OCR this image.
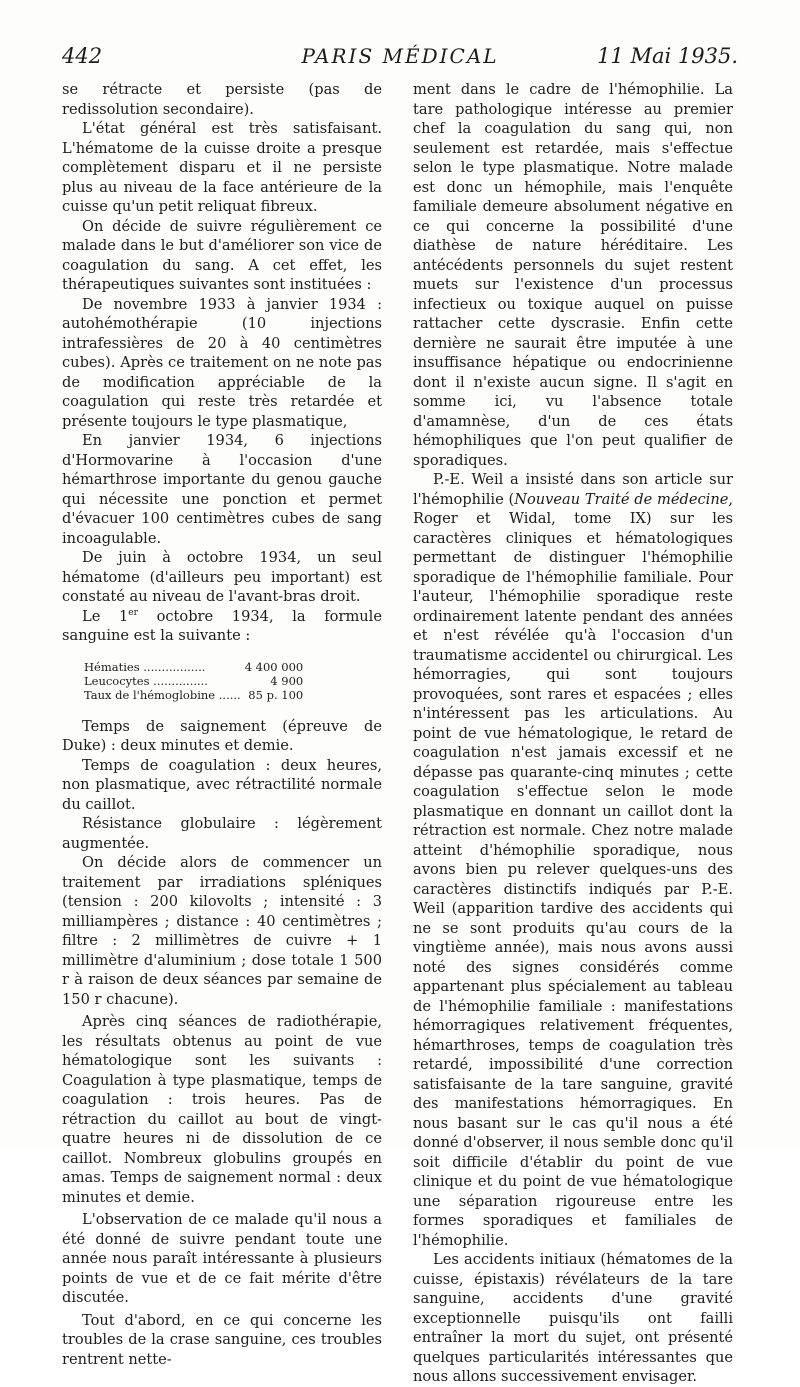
442	PARIS MÉDICAL	11 Mai 1935.

se rétracte et persiste (pas de redissolution secondaire).

L'état général est très satisfaisant. L'hématome de la cuisse droite a presque complètement disparu et il ne persiste plus au niveau de la face antérieure de la cuisse qu'un petit reliquat fibreux.

On décide de suivre régulièrement ce malade dans le but d'améliorer son vice de coagulation du sang. A cet effet, les thérapeutiques suivantes sont instituées :

De novembre 1933 à janvier 1934 : autohémothérapie (10 injections intrafessières de 20 à 40 centimètres cubes). Après ce traitement on ne note pas de modification appréciable de la coagulation qui reste très retardée et présente toujours le type plasmatique,

En janvier 1934, 6 injections d'Hormovarine à l'occasion d'une hémarthrose importante du genou gauche qui nécessite une ponction et permet d'évacuer 100 centimètres cubes de sang incoagulable.

De juin à octobre 1934, un seul hématome (d'ailleurs peu important) est constaté au niveau de l'avant-bras droit.

Le 1er octobre 1934, la formule sanguine est la suivante :

Hématies .................	4 400 000
Leucocytes ...............	4 900
Taux de l'hémoglobine ......	85 p. 100

Temps de saignement (épreuve de Duke) : deux minutes et demie.

Temps de coagulation : deux heures, non plasmatique, avec rétractilité normale du caillot.

Résistance globulaire : légèrement augmentée.

On décide alors de commencer un traitement par irradiations spléniques (tension : 200 kilovolts ; intensité : 3 milliampères ; distance : 40 centimètres ; filtre : 2 millimètres de cuivre + 1 millimètre d'aluminium ; dose totale 1 500 r à raison de deux séances par semaine de 150 r chacune).

Après cinq séances de radiothérapie, les résultats obtenus au point de vue hématologique sont les suivants : Coagulation à type plasmatique, temps de coagulation : trois heures. Pas de rétraction du caillot au bout de vingt-quatre heures ni de dissolution de ce caillot. Nombreux globulins groupés en amas. Temps de saignement normal : deux minutes et demie.

L'observation de ce malade qu'il nous a été donné de suivre pendant toute une année nous paraît intéressante à plusieurs points de vue et de ce fait mérite d'être discutée.

Tout d'abord, en ce qui concerne les troubles de la crase sanguine, ces troubles rentrent nette-

ment dans le cadre de l'hémophilie. La tare pathologique intéresse au premier chef la coagulation du sang qui, non seulement est retardée, mais s'effectue selon le type plasmatique. Notre malade est donc un hémophile, mais l'enquête familiale demeure absolument négative en ce qui concerne la possibilité d'une diathèse de nature héréditaire. Les antécédents personnels du sujet restent muets sur l'existence d'un processus infectieux ou toxique auquel on puisse rattacher cette dyscrasie. Enfin cette dernière ne saurait être imputée à une insuffisance hépatique ou endocrinienne dont il n'existe aucun signe. Il s'agit en somme ici, vu l'absence totale d'amamnèse, d'un de ces états hémophiliques que l'on peut qualifier de sporadiques.

P.-E. Weil a insisté dans son article sur l'hémophilie (Nouveau Traité de médecine, Roger et Widal, tome IX) sur les caractères cliniques et hématologiques permettant de distinguer l'hémophilie sporadique de l'hémophilie familiale. Pour l'auteur, l'hémophilie sporadique reste ordinairement latente pendant des années et n'est révélée qu'à l'occasion d'un traumatisme accidentel ou chirurgical. Les hémorragies, qui sont toujours provoquées, sont rares et espacées ; elles n'intéressent pas les articulations. Au point de vue hématologique, le retard de coagulation n'est jamais excessif et ne dépasse pas quarante-cinq minutes ; cette coagulation s'effectue selon le mode plasmatique en donnant un caillot dont la rétraction est normale. Chez notre malade atteint d'hémophilie sporadique, nous avons bien pu relever quelques-uns des caractères distinctifs indiqués par P.-E. Weil (apparition tardive des accidents qui ne se sont produits qu'au cours de la vingtième année), mais nous avons aussi noté des signes considérés comme appartenant plus spécialement au tableau de l'hémophilie familiale : manifestations hémorragiques relativement fréquentes, hémarthroses, temps de coagulation très retardé, impossibilité d'une correction satisfaisante de la tare sanguine, gravité des manifestations hémorragiques. En nous basant sur le cas qu'il nous a été donné d'observer, il nous semble donc qu'il soit difficile d'établir du point de vue clinique et du point de vue hématologique une séparation rigoureuse entre les formes sporadiques et familiales de l'hémophilie.

Les accidents initiaux (hématomes de la cuisse, épistaxis) révélateurs de la tare sanguine, accidents d'une gravité exceptionnelle puisqu'ils ont failli entraîner la mort du sujet, ont présenté quelques particularités intéressantes que nous allons successivement envisager.
